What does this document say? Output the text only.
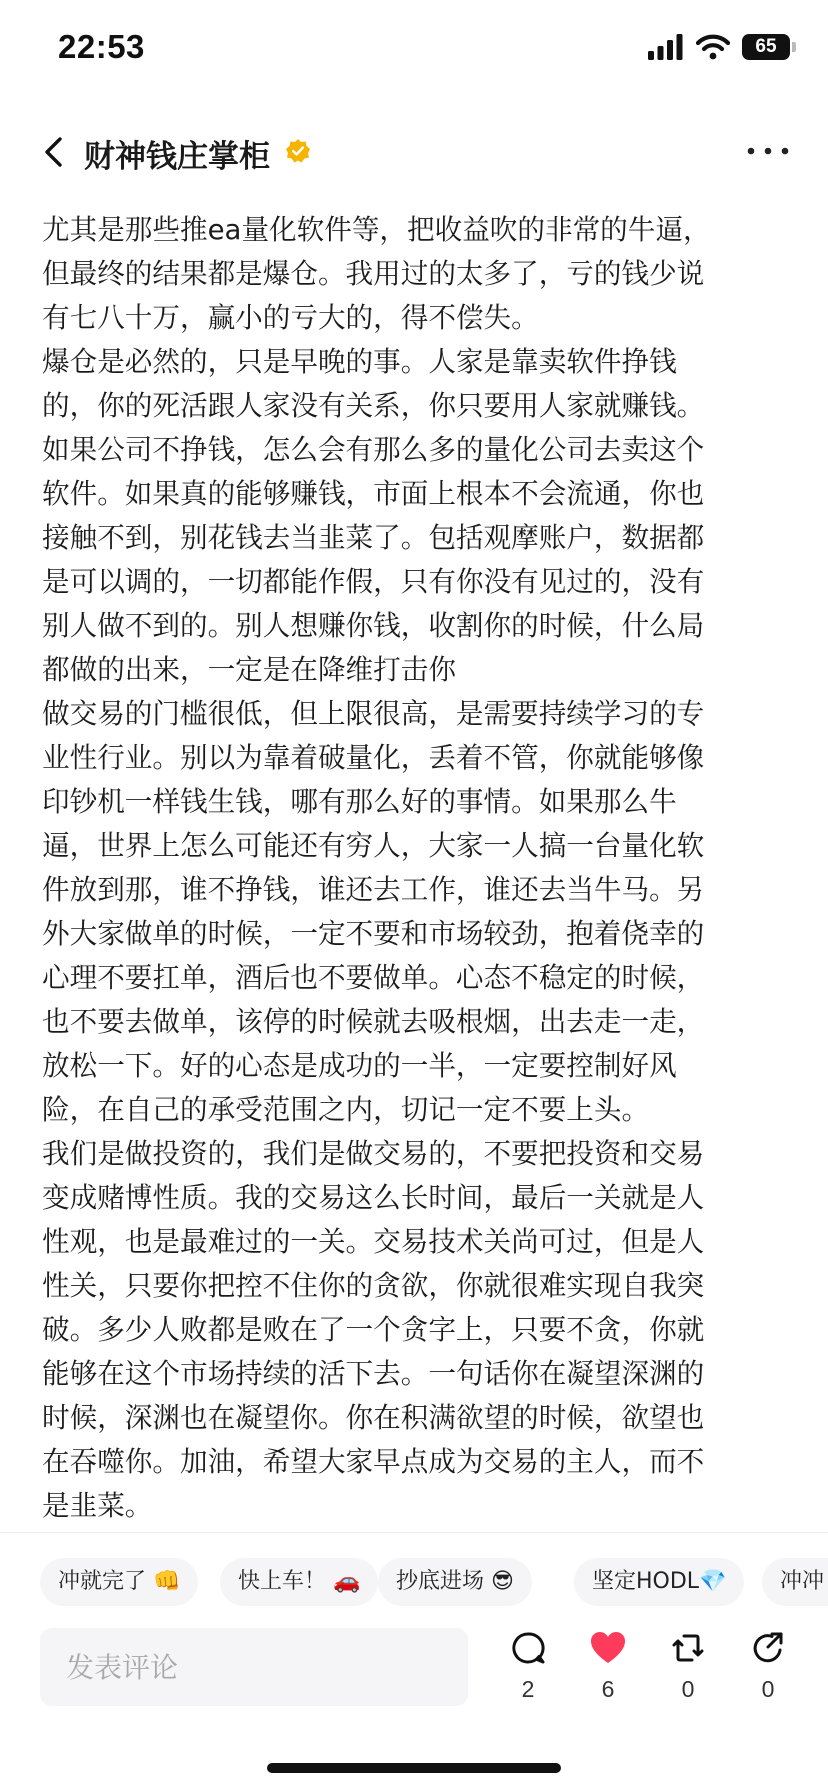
22:53	65
财神钱庄掌柜

尤其是那些推ea量化软件等，把收益吹的非常的牛逼，

但最终的结果都是爆仓。我用过的太多了，亏的钱少说

有七八十万，赢小的亏大的，得不偿失。

爆仓是必然的，只是早晚的事。人家是靠卖软件挣钱

的，你的死活跟人家没有关系，你只要用人家就赚钱。

如果公司不挣钱，怎么会有那么多的量化公司去卖这个

软件。如果真的能够赚钱，市面上根本不会流通，你也

接触不到，别花钱去当韭菜了。包括观摩账户，数据都

是可以调的，一切都能作假，只有你没有见过的，没有

别人做不到的。别人想赚你钱，收割你的时候，什么局

都做的出来，一定是在降维打击你

做交易的门槛很低，但上限很高，是需要持续学习的专

业性行业。别以为靠着破量化，丢着不管，你就能够像

印钞机一样钱生钱，哪有那么好的事情。如果那么牛

逼，世界上怎么可能还有穷人，大家一人搞一台量化软

件放到那，谁不挣钱，谁还去工作，谁还去当牛马。另

外大家做单的时候，一定不要和市场较劲，抱着侥幸的

心理不要扛单，酒后也不要做单。心态不稳定的时候，

也不要去做单，该停的时候就去吸根烟，出去走一走，

放松一下。好的心态是成功的一半，一定要控制好风

险，在自己的承受范围之内，切记一定不要上头。

我们是做投资的，我们是做交易的，不要把投资和交易

变成赌博性质。我的交易这么长时间，最后一关就是人

性观，也是最难过的一关。交易技术关尚可过，但是人

性关，只要你把控不住你的贪欲，你就很难实现自我突

破。多少人败都是败在了一个贪字上，只要不贪，你就

能够在这个市场持续的活下去。一句话你在凝望深渊的

时候，深渊也在凝望你。你在积满欲望的时候，欲望也

在吞噬你。加油，希望大家早点成为交易的主人，而不

是韭菜。

冲就完了 👊	快上车！ 🚗	抄底进场 😎	坚定HODL💎	冲冲
发表评论
2	6	0	0
